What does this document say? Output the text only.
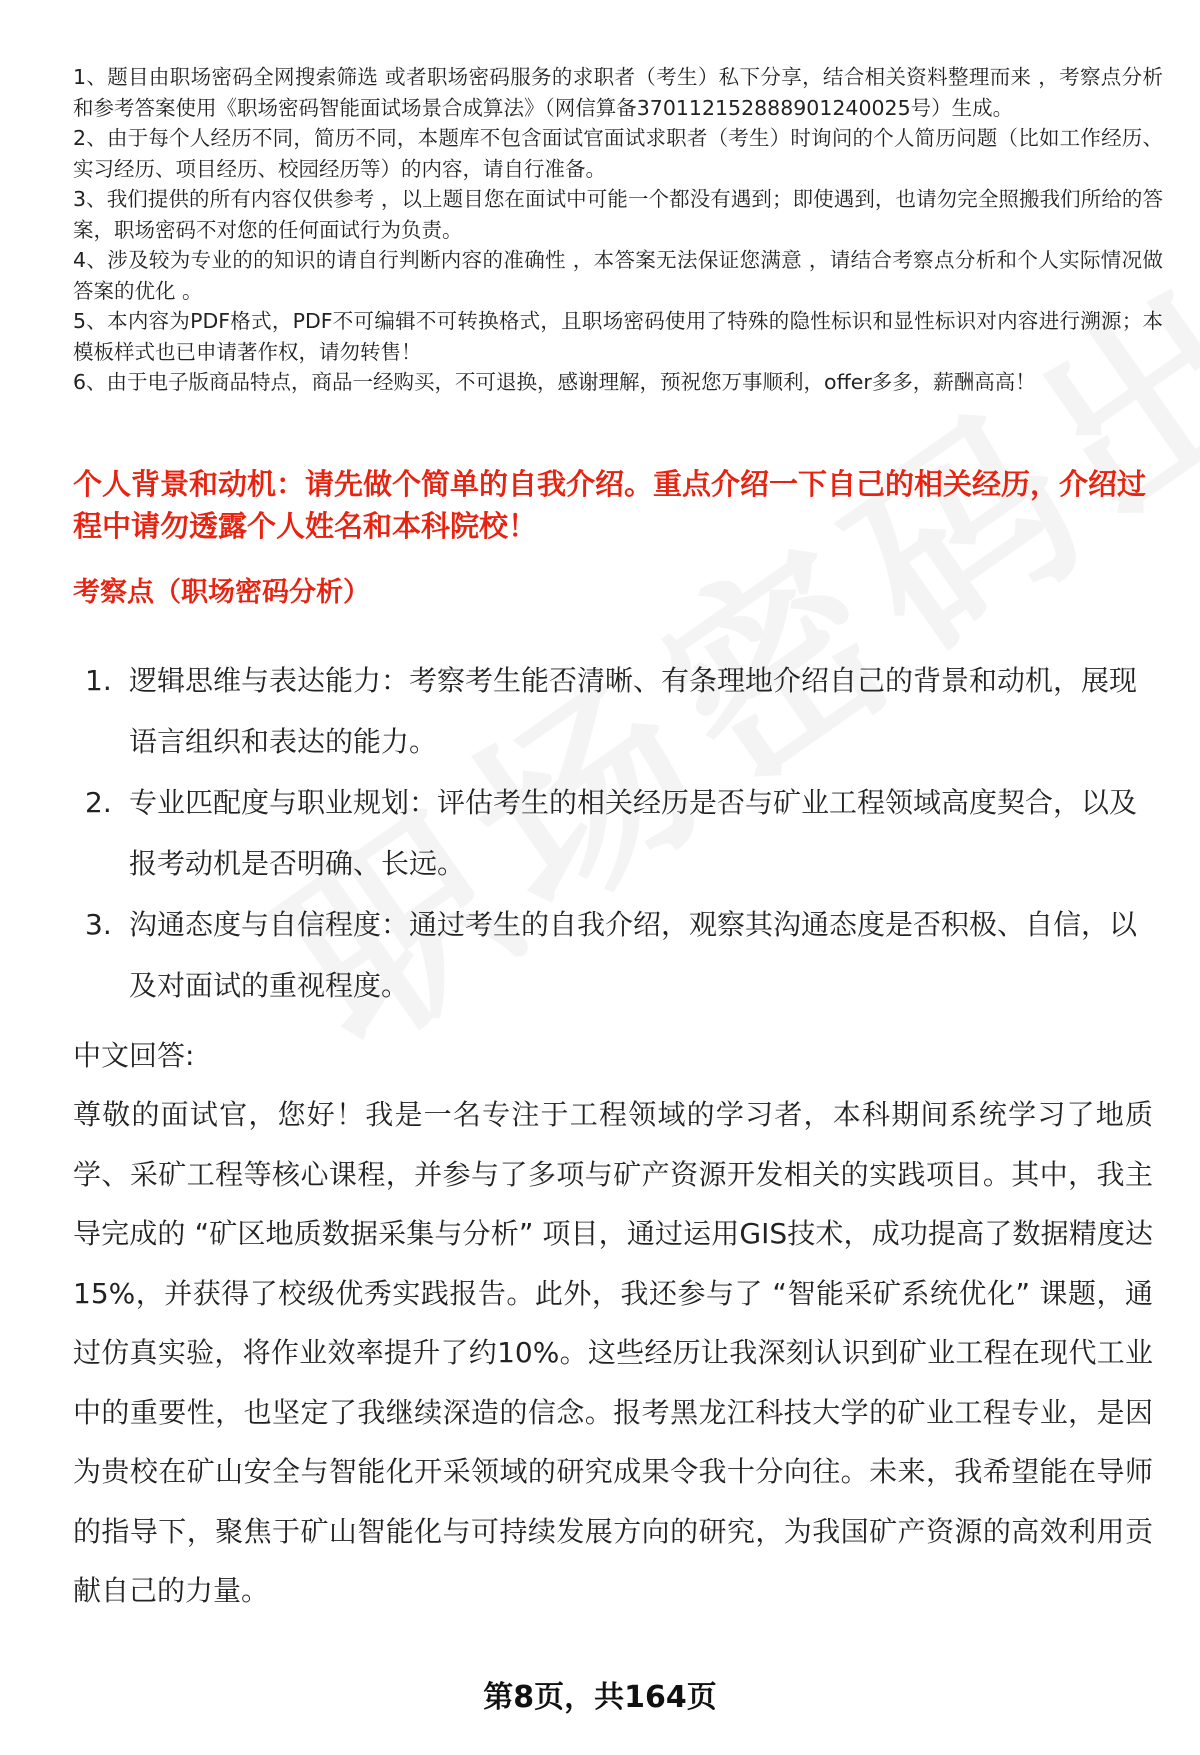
1、题目由职场密码全网搜索筛选 或者职场密码服务的求职者（考生）私下分享，结合相关资料整理而来 ，考察点分析和参考答案使用《职场密码智能面试场景合成算法》（网信算备370112152888901240025号）生成。

2、由于每个人经历不同，简历不同，本题库不包含面试官面试求职者（考生）时询问的个人简历问题（比如工作经历、实习经历、项目经历、校园经历等）的内容，请自行准备。

3、我们提供的所有内容仅供参考 ，以上题目您在面试中可能一个都没有遇到；即使遇到，也请勿完全照搬我们所给的答案，职场密码不对您的任何面试行为负责。

4、涉及较为专业的的知识的请自行判断内容的准确性 ，本答案无法保证您满意 ，请结合考察点分析和个人实际情况做答案的优化 。

5、本内容为PDF格式，PDF不可编辑不可转换格式，且职场密码使用了特殊的隐性标识和显性标识对内容进行溯源；本模板样式也已申请著作权，请勿转售！

6、由于电子版商品特点，商品一经购买，不可退换，感谢理解，预祝您万事顺利，offer多多，薪酬高高！

个人背景和动机：请先做个简单的自我介绍。重点介绍一下自己的相关经历，介绍过程中请勿透露个人姓名和本科院校！

考察点（职场密码分析）

1. 逻辑思维与表达能力：考察考生能否清晰、有条理地介绍自己的背景和动机，展现语言组织和表达的能力。
2. 专业匹配度与职业规划：评估考生的相关经历是否与矿业工程领域高度契合，以及报考动机是否明确、长远。
3. 沟通态度与自信程度：通过考生的自我介绍，观察其沟通态度是否积极、自信，以及对面试的重视程度。

中文回答:

尊敬的面试官，您好！我是一名专注于工程领域的学习者，本科期间系统学习了地质学、采矿工程等核心课程，并参与了多项与矿产资源开发相关的实践项目。其中，我主导完成的 “矿区地质数据采集与分析” 项目，通过运用GIS技术，成功提高了数据精度达15%，并获得了校级优秀实践报告。此外，我还参与了 “智能采矿系统优化” 课题，通过仿真实验，将作业效率提升了约10%。这些经历让我深刻认识到矿业工程在现代工业中的重要性，也坚定了我继续深造的信念。报考黑龙江科技大学的矿业工程专业，是因为贵校在矿山安全与智能化开采领域的研究成果令我十分向往。未来，我希望能在导师的指导下，聚焦于矿山智能化与可持续发展方向的研究，为我国矿产资源的高效利用贡献自己的力量。

第8页，共164页
